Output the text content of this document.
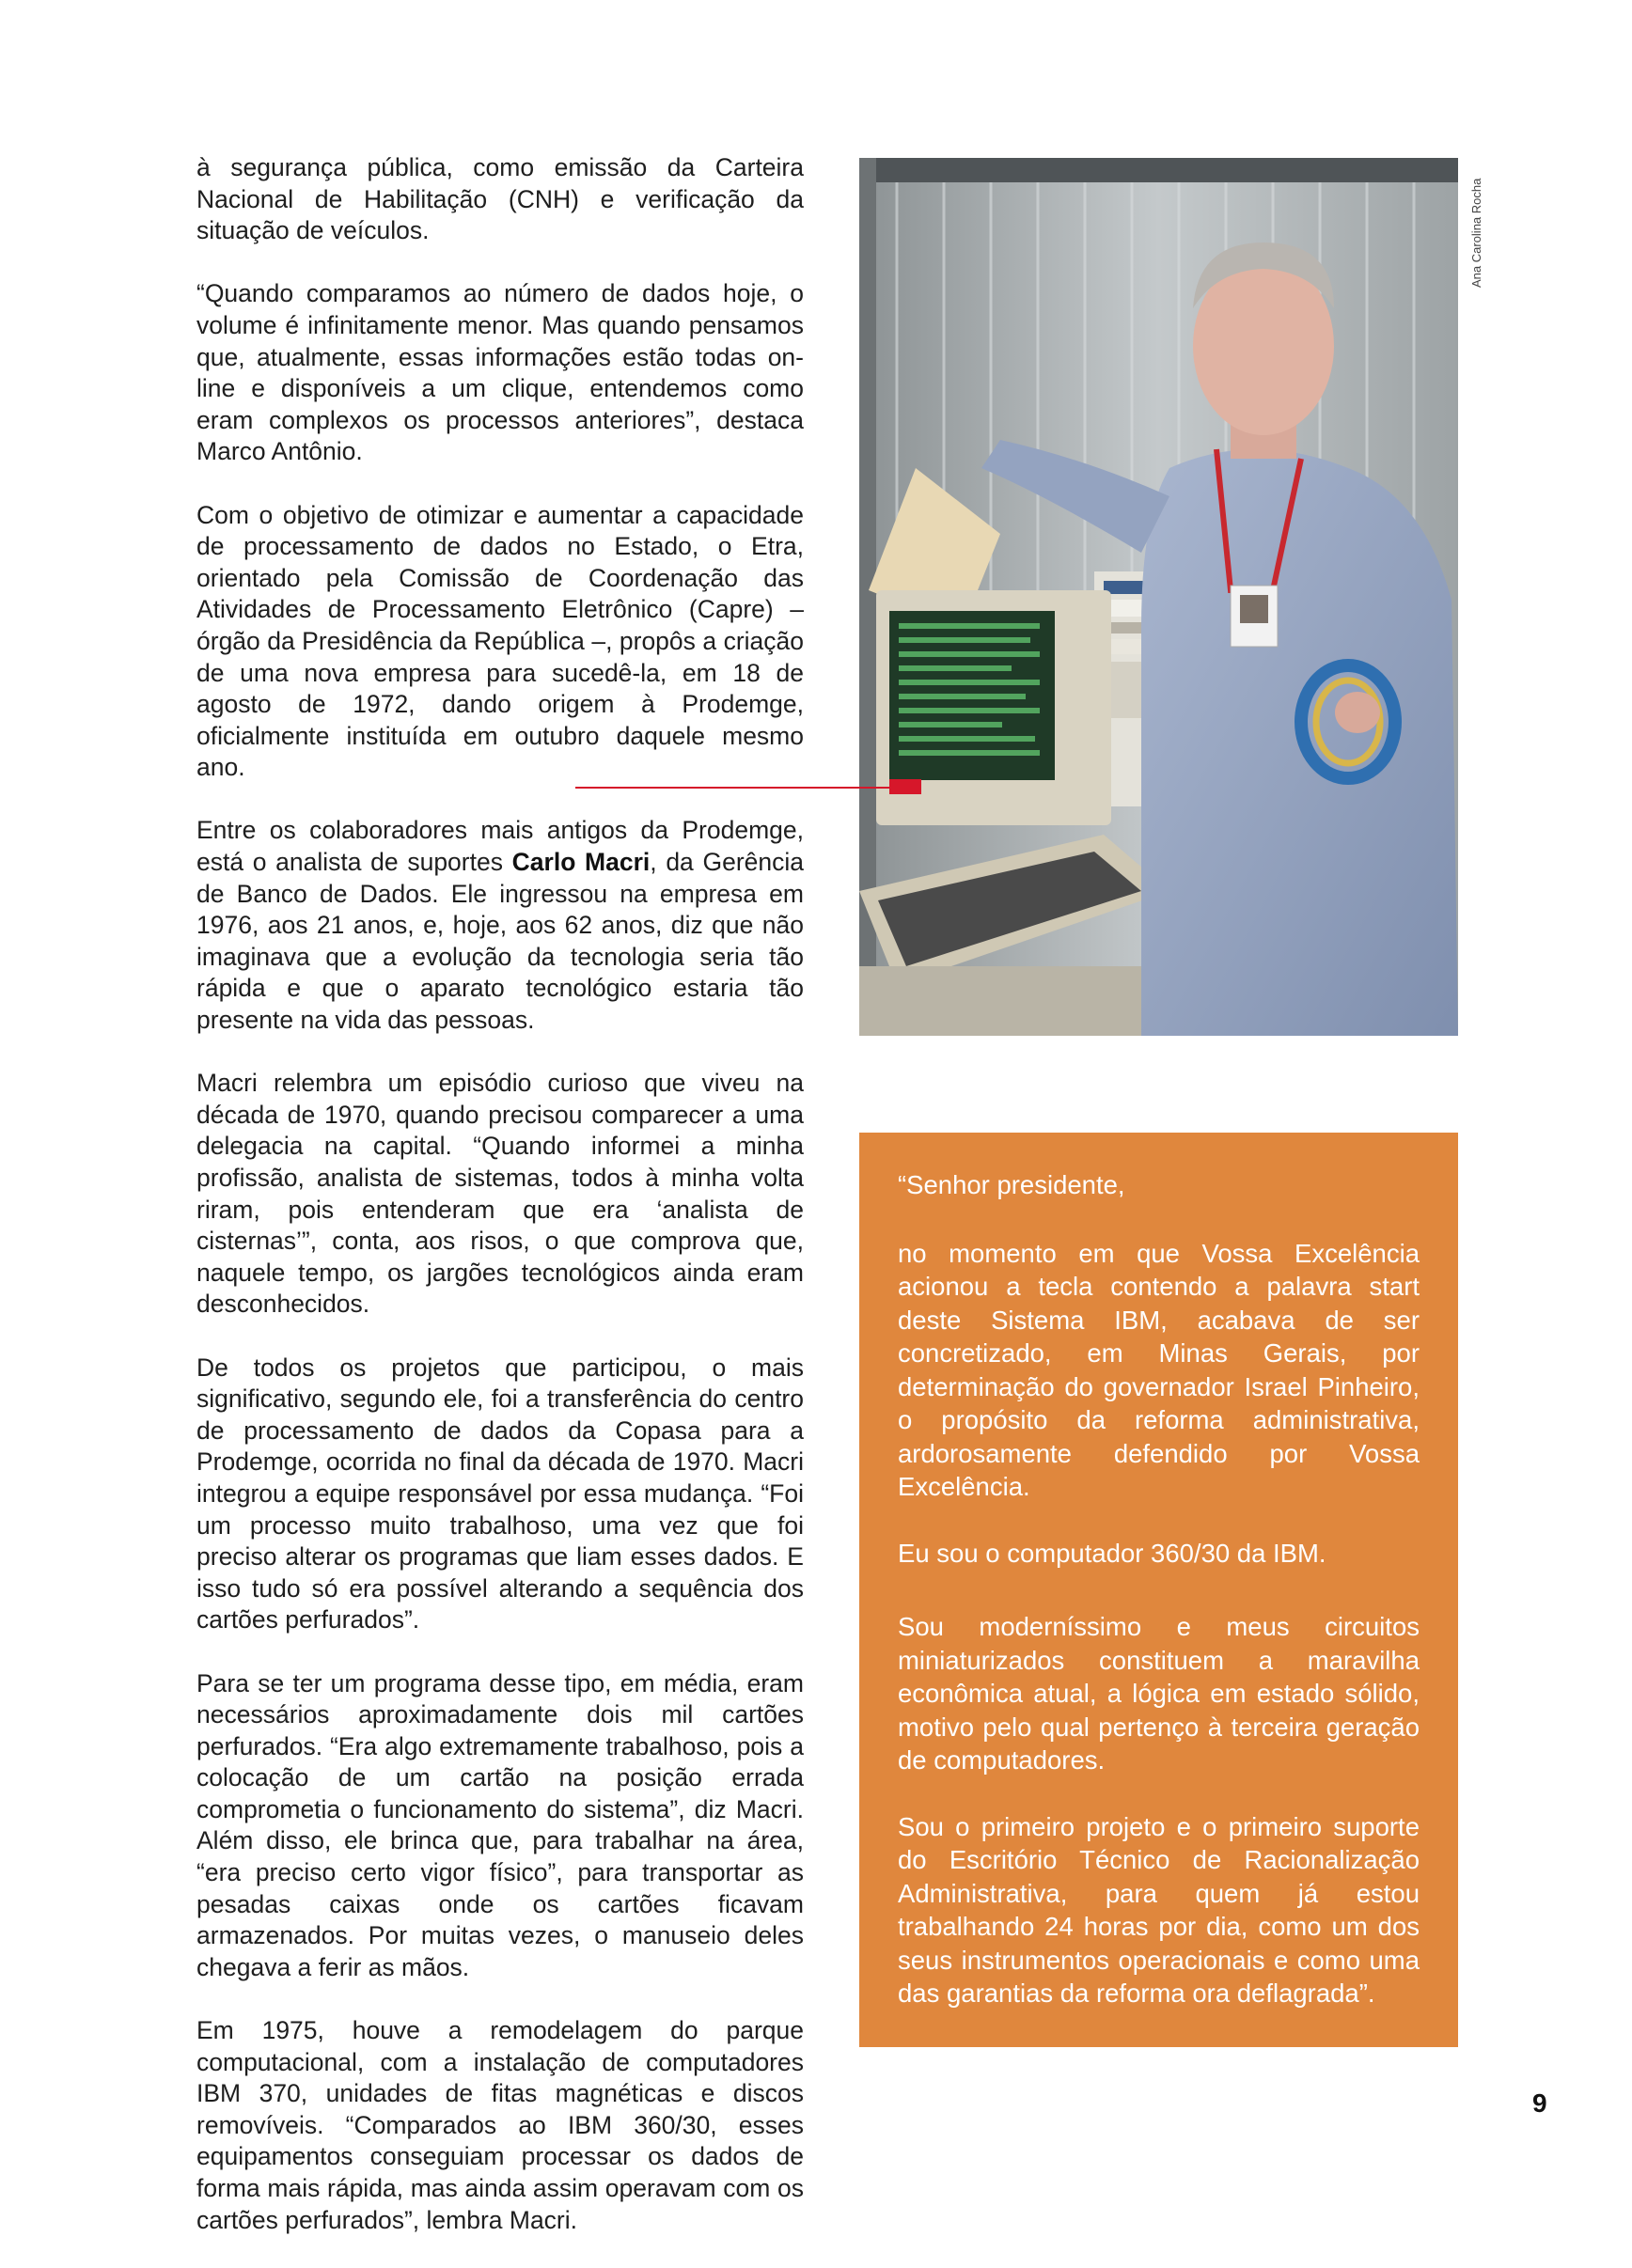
à segurança pública, como emissão da Carteira Nacional de Habilitação (CNH) e verificação da situação de veículos.

“Quando comparamos ao número de dados hoje, o volume é infinitamente menor. Mas quando pensamos que, atualmente, essas informações estão todas on-line e disponíveis a um clique, entendemos como eram complexos os processos anteriores”, destaca Marco Antônio.

Com o objetivo de otimizar e aumentar a capacidade de processamento de dados no Estado, o Etra, orientado pela Comissão de Coordenação das Atividades de Processamento Eletrônico (Capre) – órgão da Presidência da República –, propôs a criação de uma nova empresa para sucedê-la, em 18 de agosto de 1972, dando origem à Prodemge, oficialmente instituída em outubro daquele mesmo ano.

Entre os colaboradores mais antigos da Prodemge, está o analista de suportes Carlo Macri, da Gerência de Banco de Dados. Ele ingressou na empresa em 1976, aos 21 anos, e, hoje, aos 62 anos, diz que não imaginava que a evolução da tecnologia seria tão rápida e que o aparato tecnológico estaria tão presente na vida das pessoas.

Macri relembra um episódio curioso que viveu na década de 1970, quando precisou comparecer a uma delegacia na capital. “Quando informei a minha profissão, analista de sistemas, todos à minha volta riram, pois entenderam que era ‘analista de cisternas’”, conta, aos risos, o que comprova que, naquele tempo, os jargões tecnológicos ainda eram desconhecidos.

De todos os projetos que participou, o mais significativo, segundo ele, foi a transferência do centro de processamento de dados da Copasa para a Prodemge, ocorrida no final da década de 1970. Macri integrou a equipe responsável por essa mudança. “Foi um processo muito trabalhoso, uma vez que foi preciso alterar os programas que liam esses dados. E isso tudo só era possível alterando a sequência dos cartões perfurados”.

Para se ter um programa desse tipo, em média, eram necessários aproximadamente dois mil cartões perfurados. “Era algo extremamente trabalhoso, pois a colocação de um cartão na posição errada comprometia o funcionamento do sistema”, diz Macri. Além disso, ele brinca que, para trabalhar na área, “era preciso certo vigor físico”, para transportar as pesadas caixas onde os cartões ficavam armazenados. Por muitas vezes, o manuseio deles chegava a ferir as mãos.

Em 1975, houve a remodelagem do parque computacional, com a instalação de computadores IBM 370, unidades de fitas magnéticas e discos removíveis. “Comparados ao IBM 360/30, esses equipamentos conseguiam processar os dados de forma mais rápida, mas ainda assim operavam com os cartões perfurados”, lembra Macri.

Ana Carolina Rocha

“Senhor presidente,

no momento em que Vossa Excelência acionou a tecla contendo a palavra start deste Sistema IBM, acabava de ser concretizado, em Minas Gerais, por determinação do governador Israel Pinheiro, o propósito da reforma administrativa, ardorosamente defendido por Vossa Excelência.

Eu sou o computador 360/30 da IBM.

Sou moderníssimo e meus circuitos miniaturizados constituem a maravilha econômica atual, a lógica em estado sólido, motivo pelo qual pertenço à terceira geração de computadores.

Sou o primeiro projeto e o primeiro suporte do Escritório Técnico de Racionalização Administrativa, para quem já estou trabalhando 24 horas por dia, como um dos seus instrumentos operacionais e como uma das garantias da reforma ora deflagrada”.

9
